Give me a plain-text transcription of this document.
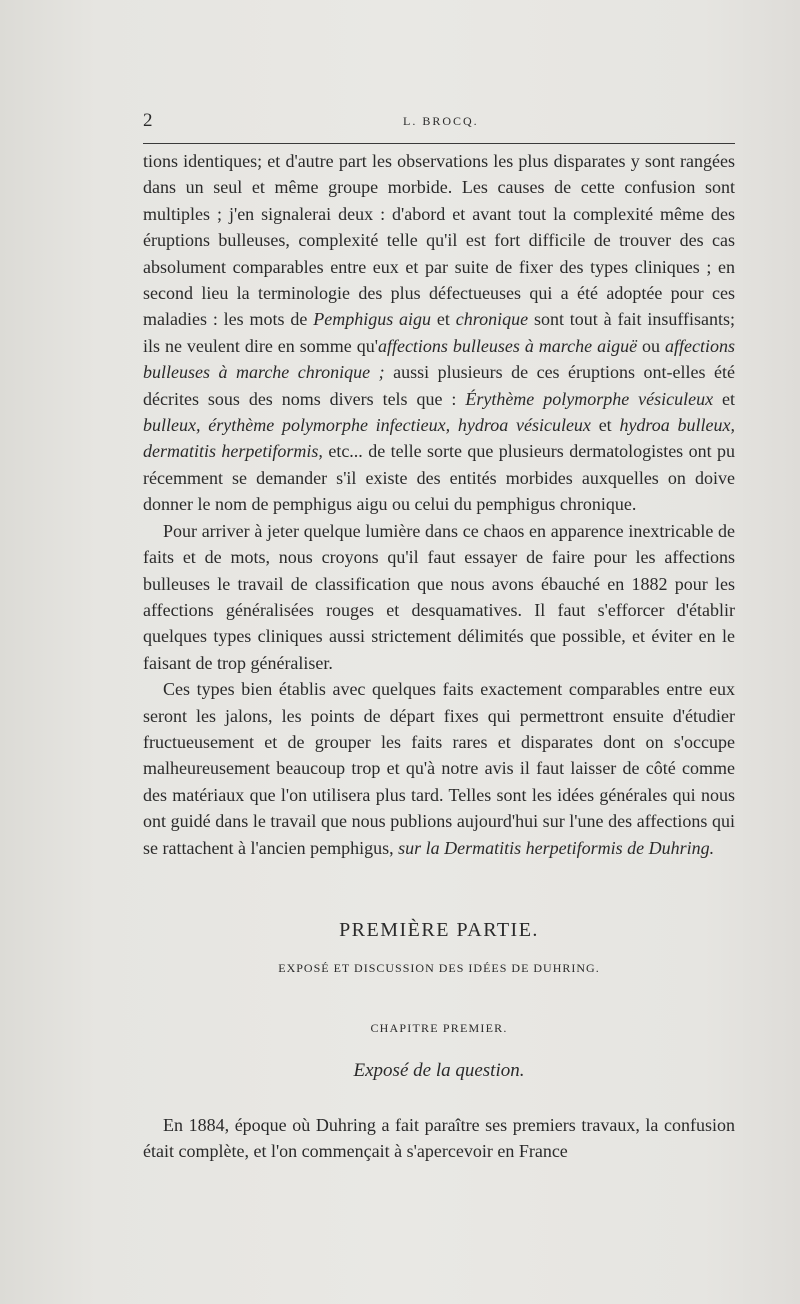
2	L. BROCQ.

tions identiques; et d'autre part les observations les plus disparates y sont rangées dans un seul et même groupe morbide. Les causes de cette confusion sont multiples ; j'en signalerai deux : d'abord et avant tout la complexité même des éruptions bulleuses, complexité telle qu'il est fort difficile de trouver des cas absolument comparables entre eux et par suite de fixer des types cliniques ; en second lieu la terminologie des plus défectueuses qui a été adoptée pour ces maladies : les mots de Pemphigus aigu et chronique sont tout à fait insuffisants; ils ne veulent dire en somme qu'affections bulleuses à marche aiguë ou affections bulleuses à marche chronique ; aussi plusieurs de ces éruptions ont-elles été décrites sous des noms divers tels que : Érythème polymorphe vésiculeux et bulleux, érythème polymorphe infectieux, hydroa vésiculeux et hydroa bulleux, dermatitis herpetiformis, etc... de telle sorte que plusieurs dermatologistes ont pu récemment se demander s'il existe des entités morbides auxquelles on doive donner le nom de pemphigus aigu ou celui du pemphigus chronique.

Pour arriver à jeter quelque lumière dans ce chaos en apparence inextricable de faits et de mots, nous croyons qu'il faut essayer de faire pour les affections bulleuses le travail de classification que nous avons ébauché en 1882 pour les affections généralisées rouges et desquamatives. Il faut s'efforcer d'établir quelques types cliniques aussi strictement délimités que possible, et éviter en le faisant de trop généraliser.

Ces types bien établis avec quelques faits exactement comparables entre eux seront les jalons, les points de départ fixes qui permettront ensuite d'étudier fructueusement et de grouper les faits rares et disparates dont on s'occupe malheureusement beaucoup trop et qu'à notre avis il faut laisser de côté comme des matériaux que l'on utilisera plus tard. Telles sont les idées générales qui nous ont guidé dans le travail que nous publions aujourd'hui sur l'une des affections qui se rattachent à l'ancien pemphigus, sur la Dermatitis herpetiformis de Duhring.

PREMIÈRE PARTIE.
EXPOSÉ ET DISCUSSION DES IDÉES DE DUHRING.
CHAPITRE PREMIER.
Exposé de la question.

En 1884, époque où Duhring a fait paraître ses premiers travaux, la confusion était complète, et l'on commençait à s'apercevoir en France
